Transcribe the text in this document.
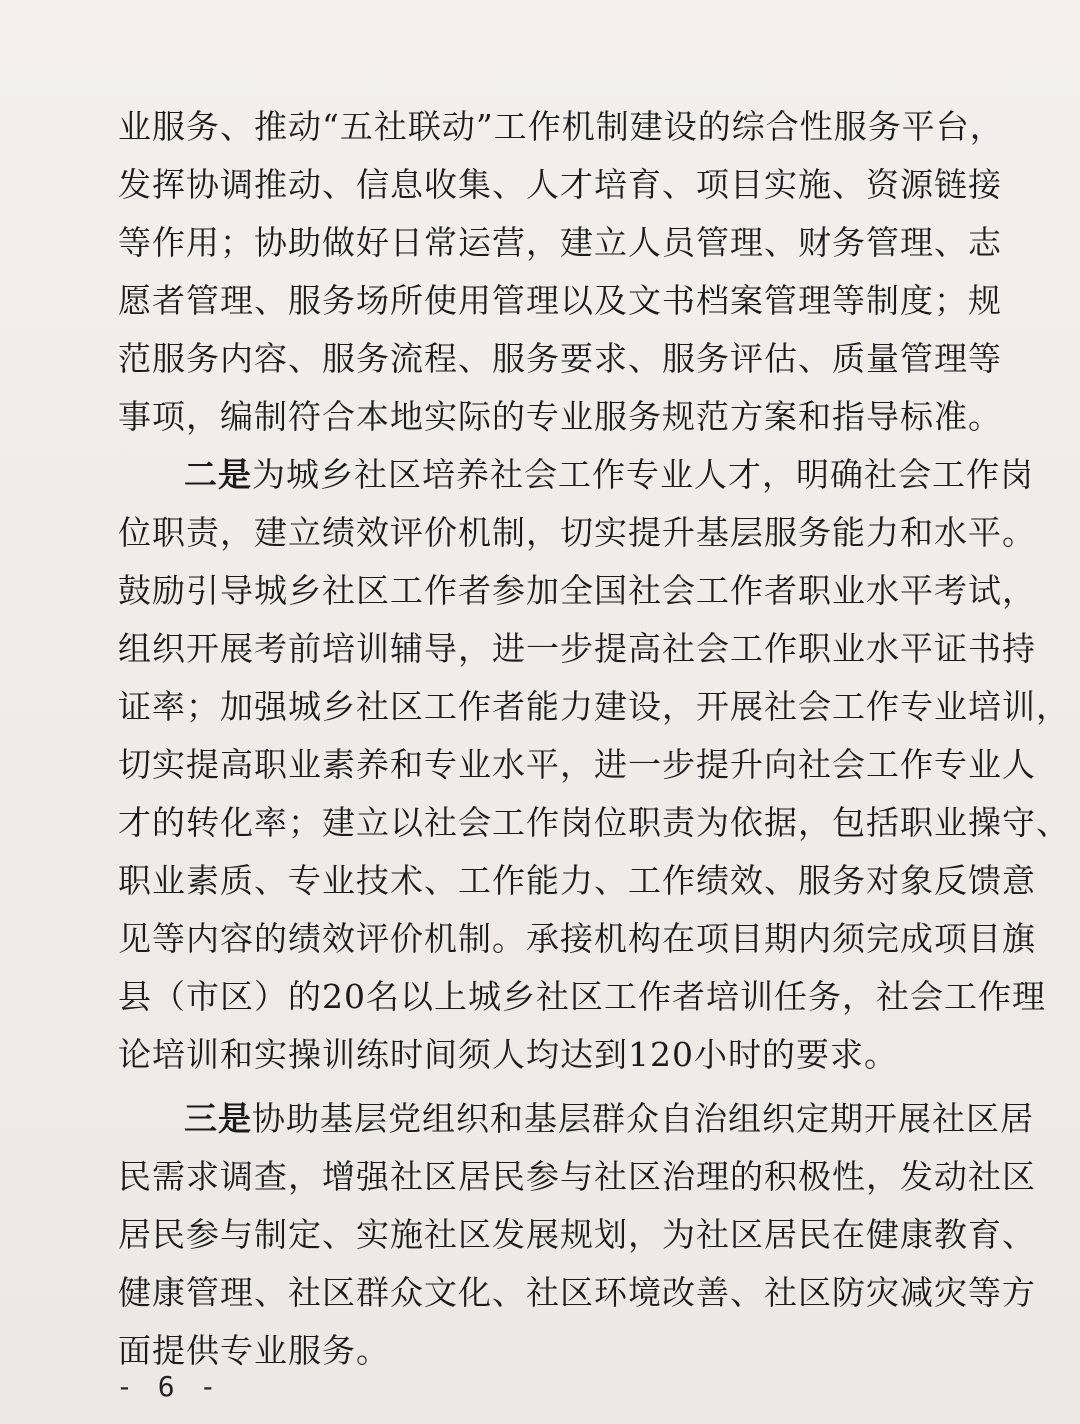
业服务、推动“五社联动”工作机制建设的综合性服务平台，
发挥协调推动、信息收集、人才培育、项目实施、资源链接
等作用；协助做好日常运营，建立人员管理、财务管理、志
愿者管理、服务场所使用管理以及文书档案管理等制度；规
范服务内容、服务流程、服务要求、服务评估、质量管理等
事项，编制符合本地实际的专业服务规范方案和指导标准。
二是为城乡社区培养社会工作专业人才，明确社会工作岗
位职责，建立绩效评价机制，切实提升基层服务能力和水平。
鼓励引导城乡社区工作者参加全国社会工作者职业水平考试，
组织开展考前培训辅导，进一步提高社会工作职业水平证书持
证率；加强城乡社区工作者能力建设，开展社会工作专业培训，
切实提高职业素养和专业水平，进一步提升向社会工作专业人
才的转化率；建立以社会工作岗位职责为依据，包括职业操守、
职业素质、专业技术、工作能力、工作绩效、服务对象反馈意
见等内容的绩效评价机制。承接机构在项目期内须完成项目旗
县（市区）的20名以上城乡社区工作者培训任务，社会工作理
论培训和实操训练时间须人均达到120小时的要求。
三是协助基层党组织和基层群众自治组织定期开展社区居
民需求调查，增强社区居民参与社区治理的积极性，发动社区
居民参与制定、实施社区发展规划，为社区居民在健康教育、
健康管理、社区群众文化、社区环境改善、社区防灾减灾等方
面提供专业服务。
- 6 -
